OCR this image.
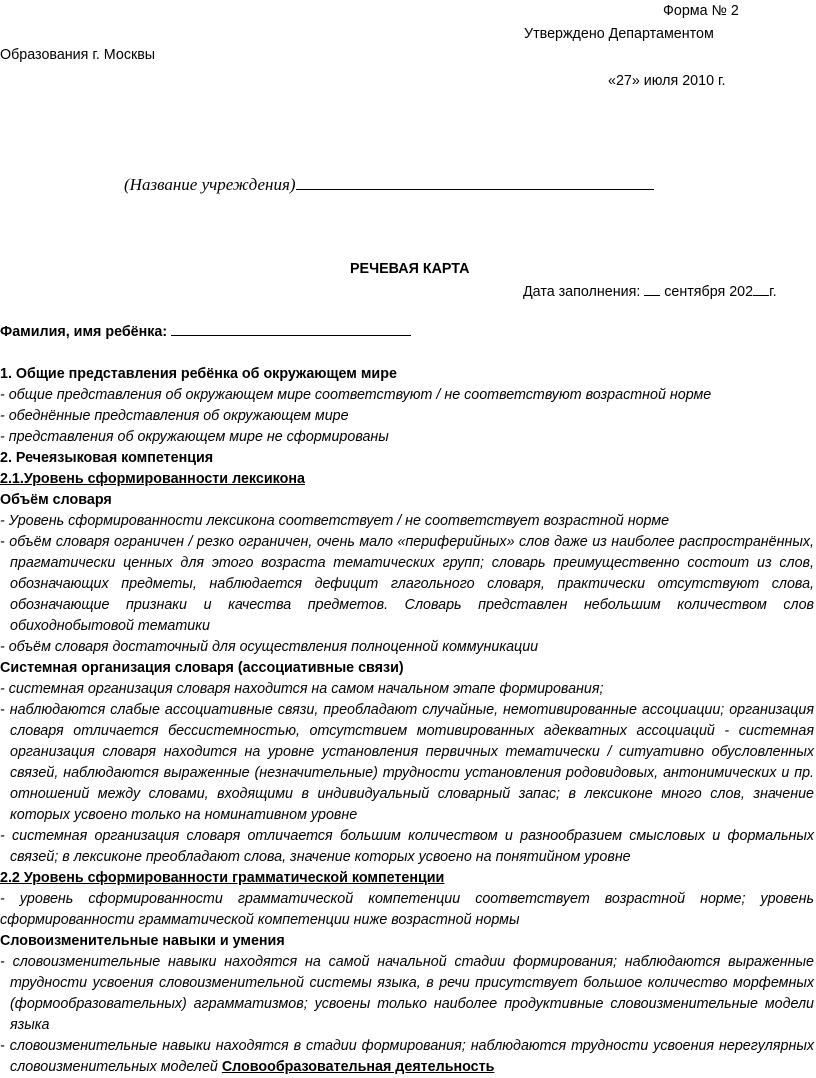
Форма № 2
Утверждено Департаментом
Образования г. Москвы
«27» июля 2010 г.
(Название учреждения)
РЕЧЕВАЯ КАРТА
Дата заполнения:  сентября 202 г.
Фамилия, имя ребёнка:

1. Общие представления ребёнка об окружающем мире

- общие представления об окружающем мире соответствуют / не соответствуют возрастной норме

- обеднённые представления об окружающем мире

- представления об окружающем мире не сформированы

2. Речеязыковая компетенция

2.1.Уровень сформированности лексикона

Объём словаря

- Уровень сформированности лексикона соответствует / не соответствует возрастной норме

- объём словаря ограничен / резко ограничен, очень мало «периферийных» слов даже из наиболее распространённых, прагматически ценных для этого возраста тематических групп; словарь преимущественно состоит из слов, обозначающих предметы, наблюдается дефицит глагольного словаря, практически отсутствуют слова, обозначающие признаки и качества предметов. Словарь представлен небольшим количеством слов обиходнобытовой тематики

- объём словаря достаточный для осуществления полноценной коммуникации

Системная организация словаря (ассоциативные связи)

- системная организация словаря находится на самом начальном этапе формирования;

- наблюдаются слабые ассоциативные связи, преобладают случайные, немотивированные ассоциации; организация словаря отличается бессистемностью, отсутствием мотивированных адекватных ассоциаций - системная организация словаря находится на уровне установления первичных тематически / ситуативно обусловленных связей, наблюдаются выраженные (незначительные) трудности установления родовидовых, антонимических и пр. отношений между словами, входящими в индивидуальный словарный запас; в лексиконе много слов, значение которых усвоено только на номинативном уровне

- системная организация словаря отличается большим количеством и разнообразием смысловых и формальных связей; в лексиконе преобладают слова, значение которых усвоено на понятийном уровне

2.2 Уровень сформированности грамматической компетенции

- уровень сформированности грамматической компетенции соответствует возрастной норме; уровень сформированности грамматической компетенции ниже возрастной нормы

Словоизменительные навыки и умения

- словоизменительные навыки находятся на самой начальной стадии формирования; наблюдаются выраженные трудности усвоения словоизменительной системы языка, в речи присутствует большое количество морфемных (формообразовательных) аграмматизмов; усвоены только наиболее продуктивные словоизменительные модели языка

- словоизменительные навыки находятся в стадии формирования; наблюдаются трудности усвоения нерегулярных словоизменительных моделей Словообразовательная деятельность
